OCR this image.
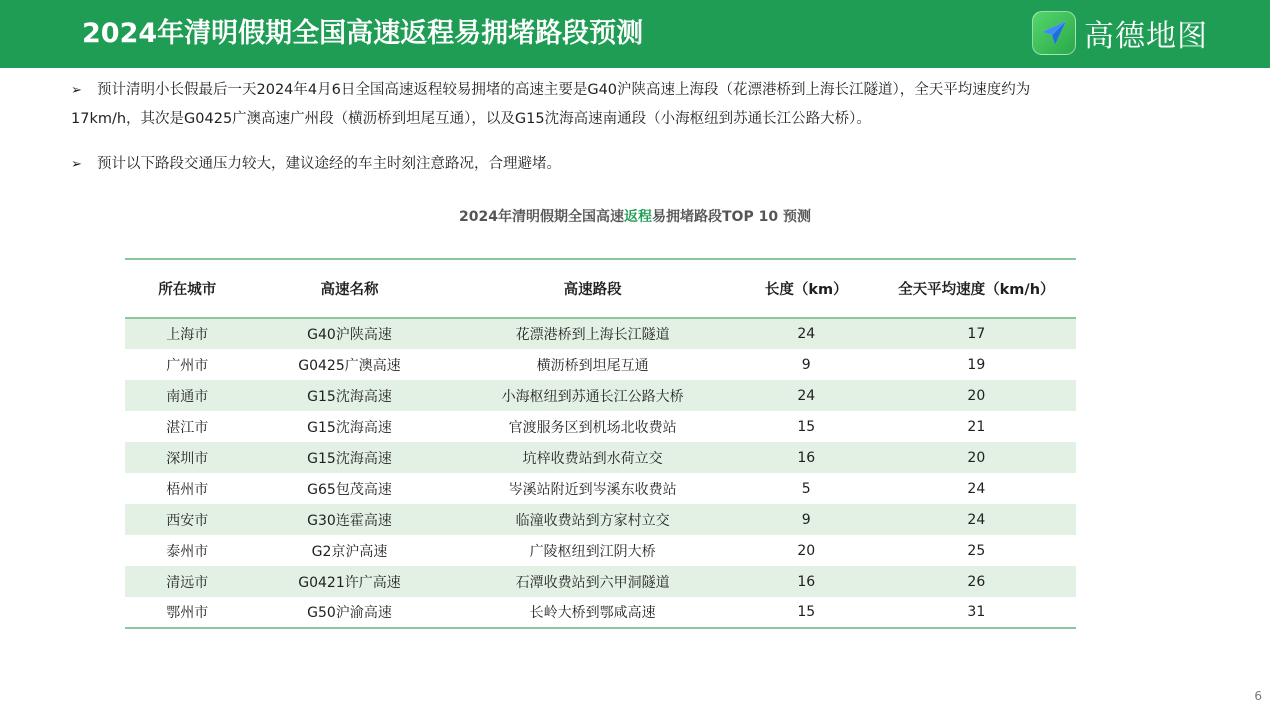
2024年清明假期全国高速返程易拥堵路段预测	高德地图
➢ 预计清明小长假最后一天2024年4月6日全国高速返程较易拥堵的高速主要是G40沪陕高速上海段（花漂港桥到上海长江隧道），全天平均速度约为
17km/h，其次是G0425广澳高速广州段（横沥桥到坦尾互通），以及G15沈海高速南通段（小海枢纽到苏通长江公路大桥）。
➢ 预计以下路段交通压力较大，建议途经的车主时刻注意路况，合理避堵。
2024年清明假期全国高速返程易拥堵路段TOP 10 预测
所在城市	高速名称	高速路段	长度（km）	全天平均速度（km/h）
上海市	G40沪陕高速	花漂港桥到上海长江隧道	24	17
广州市	G0425广澳高速	横沥桥到坦尾互通	9	19
南通市	G15沈海高速	小海枢纽到苏通长江公路大桥	24	20
湛江市	G15沈海高速	官渡服务区到机场北收费站	15	21
深圳市	G15沈海高速	坑梓收费站到水荷立交	16	20
梧州市	G65包茂高速	岑溪站附近到岑溪东收费站	5	24
西安市	G30连霍高速	临潼收费站到方家村立交	9	24
泰州市	G2京沪高速	广陵枢纽到江阴大桥	20	25
清远市	G0421许广高速	石潭收费站到六甲洞隧道	16	26
鄂州市	G50沪渝高速	长岭大桥到鄂咸高速	15	31
6
